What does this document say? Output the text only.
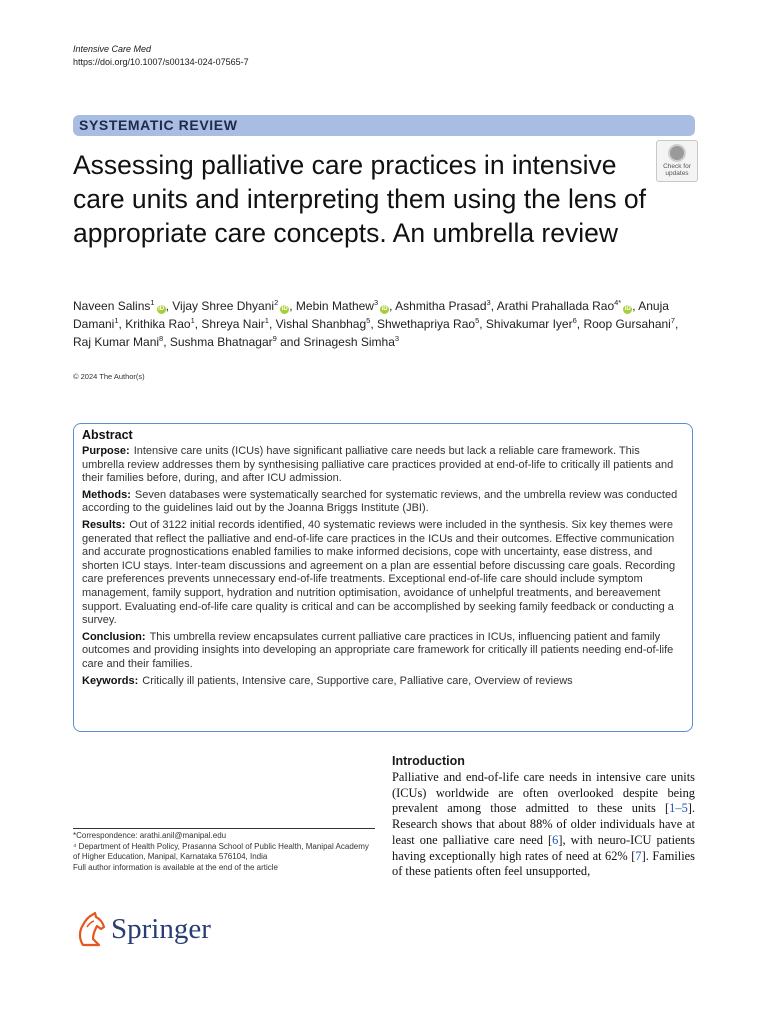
Intensive Care Med
https://doi.org/10.1007/s00134-024-07565-7
SYSTEMATIC REVIEW
Assessing palliative care practices in intensive care units and interpreting them using the lens of appropriate care concepts. An umbrella review
Check for
updates
Naveen Salins$^1$iD , Vijay Shree Dhyani$^2$iD , Mebin Mathew$^3$iD , Ashmitha Prasad$^3$, Arathi Prahallada Rao$^{4*}$iD , Anuja Damani$^1$, Krithika Rao$^1$, Shreya Nair$^1$, Vishal Shanbhag$^5$, Shwethapriya Rao$^5$, Shivakumar Iyer$^6$, Roop Gursahani$^7$, Raj Kumar Mani$^8$, Sushma Bhatnagar$^9$ and Srinagesh Simha$^3$
© 2024 The Author(s)
Abstract

Purpose: Intensive care units (ICUs) have significant palliative care needs but lack a reliable care framework. This umbrella review addresses them by synthesising palliative care practices provided at end-of-life to critically ill patients and their families before, during, and after ICU admission.

Methods: Seven databases were systematically searched for systematic reviews, and the umbrella review was conducted according to the guidelines laid out by the Joanna Briggs Institute (JBI).

Results: Out of 3122 initial records identified, 40 systematic reviews were included in the synthesis. Six key themes were generated that reflect the palliative and end-of-life care practices in the ICUs and their outcomes. Effective communication and accurate prognostications enabled families to make informed decisions, cope with uncertainty, ease distress, and shorten ICU stays. Inter-team discussions and agreement on a plan are essential before discussing care goals. Recording care preferences prevents unnecessary end-of-life treatments. Exceptional end-of-life care should include symptom management, family support, hydration and nutrition optimisation, avoidance of unhelpful treatments, and bereavement support. Evaluating end-of-life care quality is critical and can be accomplished by seeking family feedback or conducting a survey.

Conclusion: This umbrella review encapsulates current palliative care practices in ICUs, influencing patient and family outcomes and providing insights into developing an appropriate care framework for critically ill patients needing end-of-life care and their families.

Keywords: Critically ill patients, Intensive care, Supportive care, Palliative care, Overview of reviews

Introduction
Palliative and end-of-life care needs in intensive care units (ICUs) worldwide are often overlooked despite being prevalent among those admitted to these units [1–5]. Research shows that about 88% of older individuals have at least one palliative care need [6], with neuro-ICU patients having exceptionally high rates of need at 62% [7]. Families of these patients often feel unsupported,
*Correspondence: arathi.anil@manipal.edu
⁴ Department of Health Policy, Prasanna School of Public Health, Manipal Academy of Higher Education, Manipal, Karnataka 576104, India
Full author information is available at the end of the article
Springer
